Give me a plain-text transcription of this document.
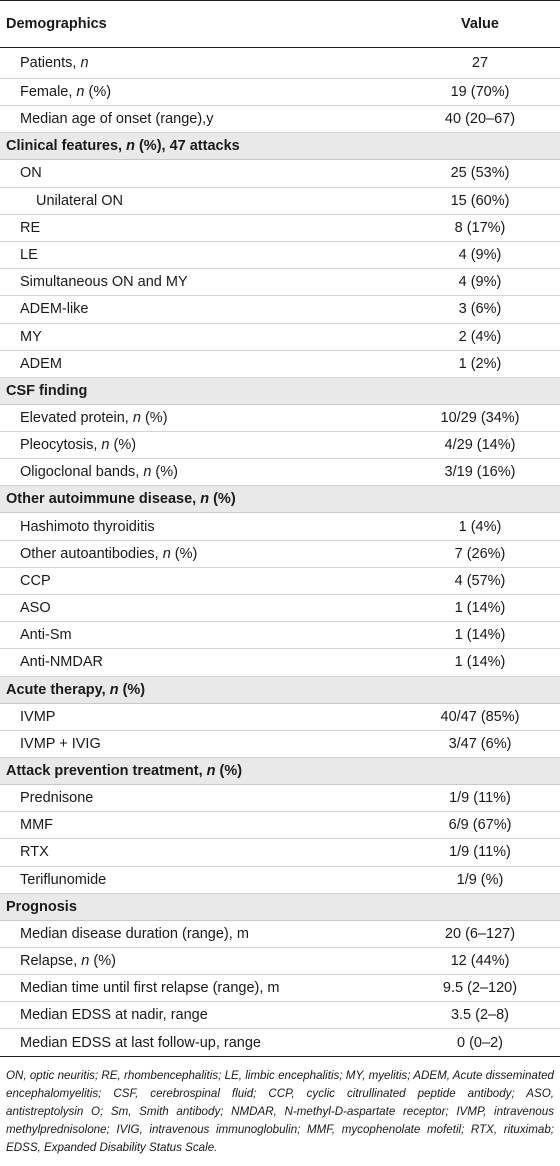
Demographics	Value
Patients, n	27
Female, n (%)	19 (70%)
Median age of onset (range),y	40 (20–67)
Clinical features, n (%), 47 attacks	
ON	25 (53%)
Unilateral ON	15 (60%)
RE	8 (17%)
LE	4 (9%)
Simultaneous ON and MY	4 (9%)
ADEM-like	3 (6%)
MY	2 (4%)
ADEM	1 (2%)
CSF finding	
Elevated protein, n (%)	10/29 (34%)
Pleocytosis, n (%)	4/29 (14%)
Oligoclonal bands, n (%)	3/19 (16%)
Other autoimmune disease, n (%)	
Hashimoto thyroiditis	1 (4%)
Other autoantibodies, n (%)	7 (26%)
CCP	4 (57%)
ASO	1 (14%)
Anti-Sm	1 (14%)
Anti-NMDAR	1 (14%)
Acute therapy, n (%)	
IVMP	40/47 (85%)
IVMP + IVIG	3/47 (6%)
Attack prevention treatment, n (%)	
Prednisone	1/9 (11%)
MMF	6/9 (67%)
RTX	1/9 (11%)
Teriflunomide	1/9 (%)
Prognosis	
Median disease duration (range), m	20 (6–127)
Relapse, n (%)	12 (44%)
Median time until first relapse (range), m	9.5 (2–120)
Median EDSS at nadir, range	3.5 (2–8)
Median EDSS at last follow-up, range	0 (0–2)
ON, optic neuritis; RE, rhombencephalitis; LE, limbic encephalitis; MY, myelitis; ADEM, Acute disseminated encephalomyelitis; CSF, cerebrospinal fluid; CCP, cyclic citrullinated peptide antibody; ASO, antistreptolysin O; Sm, Smith antibody; NMDAR, N-methyl-D-aspartate receptor; IVMP, intravenous methylprednisolone; IVIG, intravenous immunoglobulin; MMF, mycophenolate mofetil; RTX, rituximab; EDSS, Expanded Disability Status Scale.
